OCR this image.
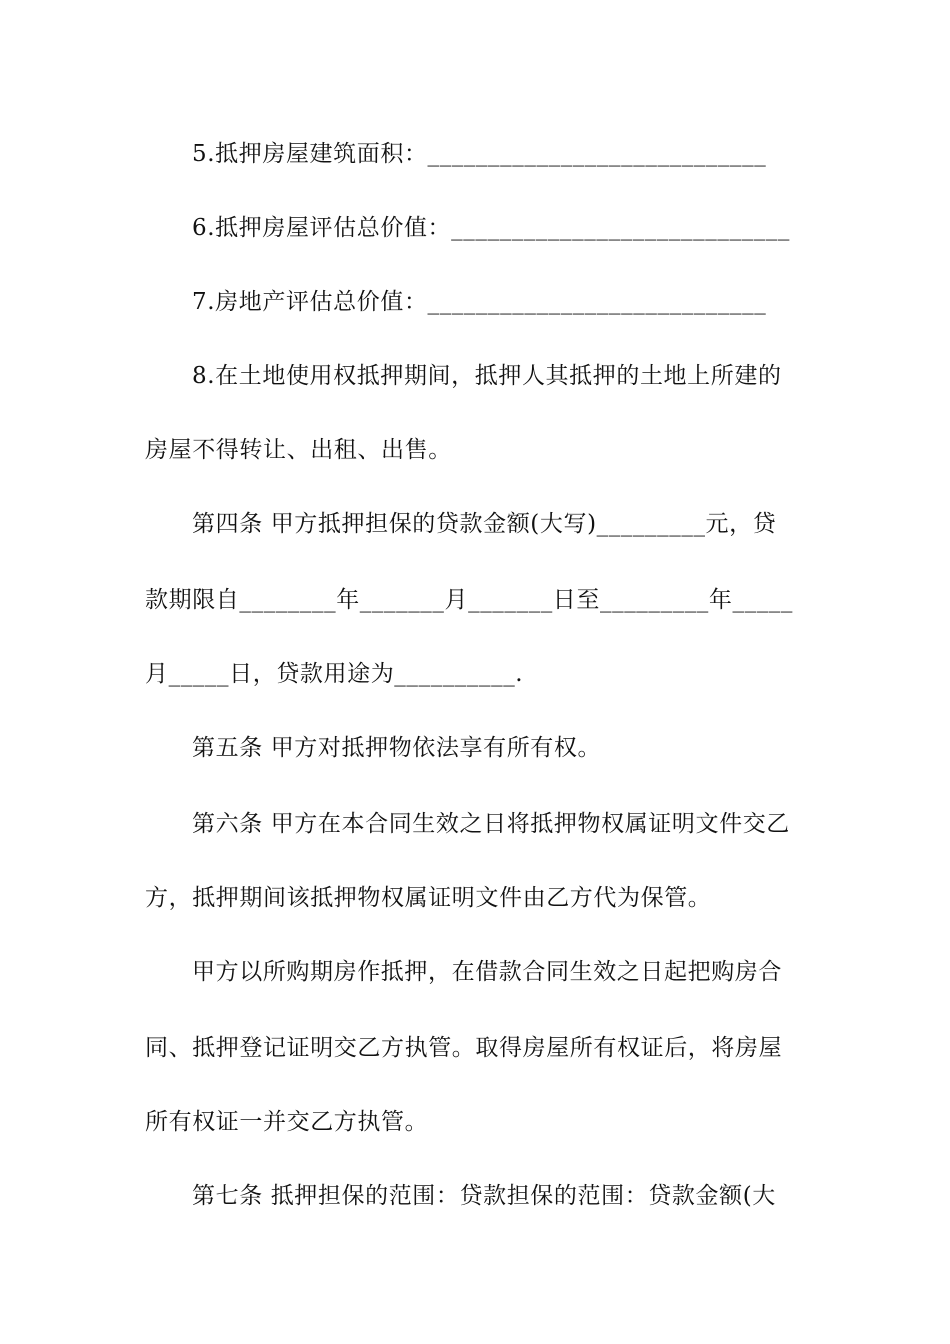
5.抵押房屋建筑面积：____________________________
6.抵押房屋评估总价值：____________________________
7.房地产评估总价值：____________________________
8.在土地使用权抵押期间，抵押人其抵押的土地上所建的
房屋不得转让、出租、出售。
第四条 甲方抵押担保的贷款金额(大写)_________元，贷
款期限自________年_______月_______日至_________年_____
月_____日，贷款用途为__________.
第五条 甲方对抵押物依法享有所有权。
第六条 甲方在本合同生效之日将抵押物权属证明文件交乙
方，抵押期间该抵押物权属证明文件由乙方代为保管。
甲方以所购期房作抵押，在借款合同生效之日起把购房合
同、抵押登记证明交乙方执管。取得房屋所有权证后，将房屋
所有权证一并交乙方执管。
第七条 抵押担保的范围：贷款担保的范围：贷款金额(大
